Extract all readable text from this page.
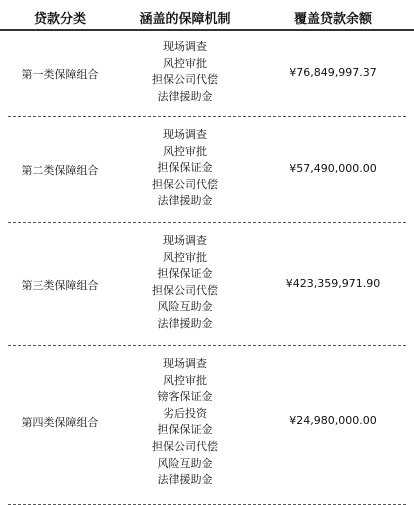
贷款分类	涵盖的保障机制	覆盖贷款余额
第一类保障组合
现场调查
风控审批
担保公司代偿
法律援助金
¥76,849,997.37
第二类保障组合
现场调查
风控审批
担保保证金
担保公司代偿
法律援助金
¥57,490,000.00
第三类保障组合
现场调查
风控审批
担保保证金
担保公司代偿
风险互助金
法律援助金
¥423,359,971.90
第四类保障组合
现场调查
风控审批
镑客保证金
劣后投资
担保保证金
担保公司代偿
风险互助金
法律援助金
¥24,980,000.00
